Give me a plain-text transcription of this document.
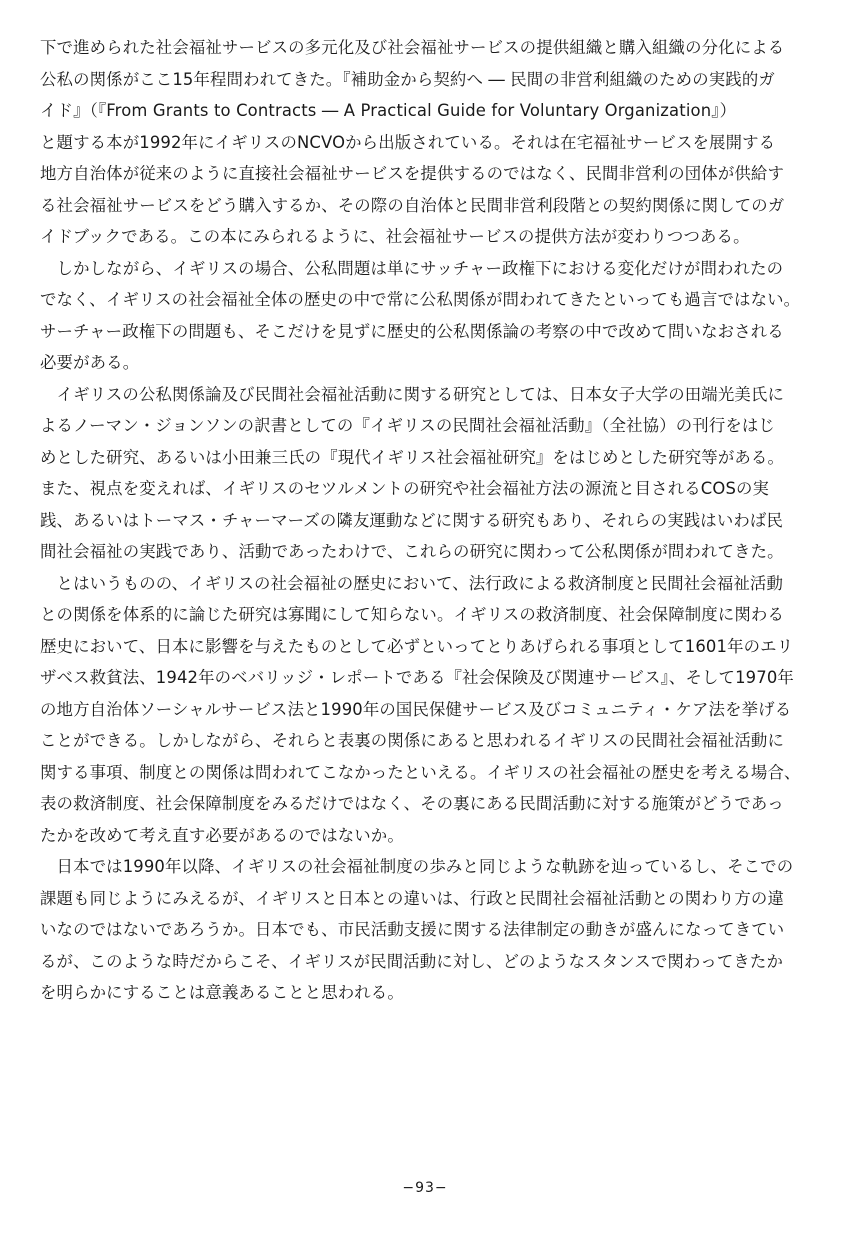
下で進められた社会福祉サービスの多元化及び社会福祉サービスの提供組織と購入組織の分化による
公私の関係がここ15年程問われてきた。『補助金から契約へ ― 民間の非営利組織のための実践的ガ
イド』（『From Grants to Contracts ― A Practical Guide for Voluntary Organization』）
と題する本が1992年にイギリスのNCVOから出版されている。それは在宅福祉サービスを展開する
地方自治体が従来のように直接社会福祉サービスを提供するのではなく、民間非営利の団体が供給す
る社会福祉サービスをどう購入するか、その際の自治体と民間非営利段階との契約関係に関してのガ
イドブックである。この本にみられるように、社会福祉サービスの提供方法が変わりつつある。
　しかしながら、イギリスの場合、公私問題は単にサッチャー政権下における変化だけが問われたの
でなく、イギリスの社会福祉全体の歴史の中で常に公私関係が問われてきたといっても過言ではない。
サーチャー政権下の問題も、そこだけを見ずに歴史的公私関係論の考察の中で改めて問いなおされる
必要がある。
　イギリスの公私関係論及び民間社会福祉活動に関する研究としては、日本女子大学の田端光美氏に
よるノーマン・ジョンソンの訳書としての『イギリスの民間社会福祉活動』（全社協）の刊行をはじ
めとした研究、あるいは小田兼三氏の『現代イギリス社会福祉研究』をはじめとした研究等がある。
また、視点を変えれば、イギリスのセツルメントの研究や社会福祉方法の源流と目されるCOSの実
践、あるいはトーマス・チャーマーズの隣友運動などに関する研究もあり、それらの実践はいわば民
間社会福祉の実践であり、活動であったわけで、これらの研究に関わって公私関係が問われてきた。
　とはいうものの、イギリスの社会福祉の歴史において、法行政による救済制度と民間社会福祉活動
との関係を体系的に論じた研究は寡聞にして知らない。イギリスの救済制度、社会保障制度に関わる
歴史において、日本に影響を与えたものとして必ずといってとりあげられる事項として1601年のエリ
ザベス救貧法、1942年のベバリッジ・レポートである『社会保険及び関連サービス』、そして1970年
の地方自治体ソーシャルサービス法と1990年の国民保健サービス及びコミュニティ・ケア法を挙げる
ことができる。しかしながら、それらと表裏の関係にあると思われるイギリスの民間社会福祉活動に
関する事項、制度との関係は問われてこなかったといえる。イギリスの社会福祉の歴史を考える場合、
表の救済制度、社会保障制度をみるだけではなく、その裏にある民間活動に対する施策がどうであっ
たかを改めて考え直す必要があるのではないか。
　日本では1990年以降、イギリスの社会福祉制度の歩みと同じような軌跡を辿っているし、そこでの
課題も同じようにみえるが、イギリスと日本との違いは、行政と民間社会福祉活動との関わり方の違
いなのではないであろうか。日本でも、市民活動支援に関する法律制定の動きが盛んになってきてい
るが、このような時だからこそ、イギリスが民間活動に対し、どのようなスタンスで関わってきたか
を明らかにすることは意義あることと思われる。
−93−
